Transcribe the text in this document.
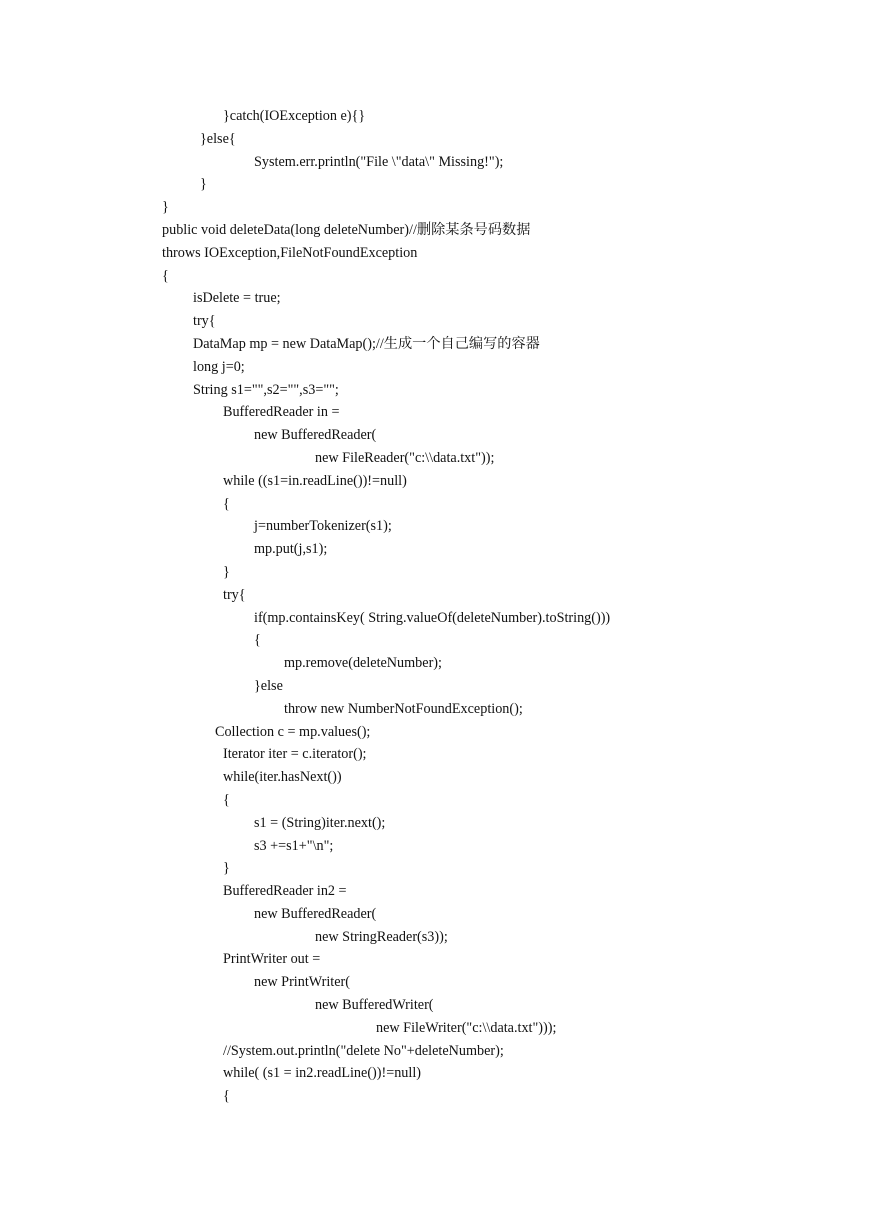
}catch(IOException e){}
}else{
System.err.println("File \"data\" Missing!");
}
}
public void deleteData(long deleteNumber)//删除某条号码数据
throws IOException,FileNotFoundException
{
isDelete = true;
try{
DataMap mp = new DataMap();//生成一个自己编写的容器
long j=0;
String s1="",s2="",s3="";
BufferedReader in =
new BufferedReader(
new FileReader("c:\\data.txt"));
while ((s1=in.readLine())!=null)
{
j=numberTokenizer(s1);
mp.put(j,s1);
}
try{
if(mp.containsKey( String.valueOf(deleteNumber).toString()))
{
mp.remove(deleteNumber);
}else
throw new NumberNotFoundException();
Collection c = mp.values();
Iterator iter = c.iterator();
while(iter.hasNext())
{
s1 = (String)iter.next();
s3 +=s1+"\n";
}
BufferedReader in2 =
new BufferedReader(
new StringReader(s3));
PrintWriter out =
new PrintWriter(
new BufferedWriter(
new FileWriter("c:\\data.txt")));
//System.out.println("delete No"+deleteNumber);
while( (s1 = in2.readLine())!=null)
{
